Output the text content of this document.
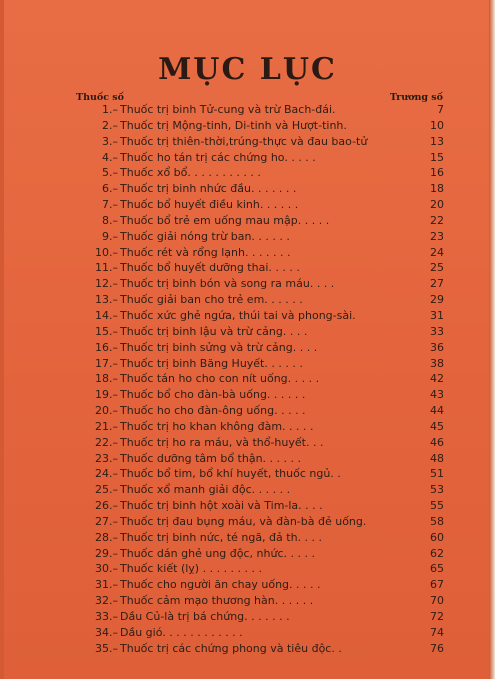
MỤC LỤC
Thuốc số	Trương số
1.– Thuốc trị binh Tử-cung và trừ Bach-đái.	7
2.– Thuốc trị Mộng-tinh, Di-tinh và Hượt-tinh.	10
3.– Thuốc trị thiên-thời,trúng-thực và đau bao-tử	13
4.– Thuốc ho tán trị các chứng ho. . . . .	15
5.– Thuốc xổ bổ. . . . . . . . . . .	16
6.– Thuốc trị binh nhức đầu. . . . . . .	18
7.– Thuốc bổ huyết điều kinh. . . . . .	20
8.– Thuốc bổ trẻ em uống mau mập. . . . .	22
9.– Thuốc giải nóng trừ ban. . . . . .	23
10.– Thuốc rét và rổng lạnh. . . . . . .	24
11.– Thuốc bổ huyết dưỡng thai. . . . .	25
12.– Thuốc trị binh bón và song ra máu. . . .	27
13.– Thuốc giải ban cho trẻ em. . . . . .	29
14.– Thuốc xức ghẻ ngứa, thúi tai và phong-sài.	31
15.– Thuốc trị binh lậu và trừ cảng. . . .	33
16.– Thuốc trị binh sửng và trừ cảng. . . .	36
17.– Thuốc trị binh Băng Huyết. . . . . .	38
18.– Thuốc tán ho cho con nít uống. . . . .	42
19.– Thuốc bổ cho đàn-bà uống. . . . . .	43
20.– Thuốc ho cho đàn-ông uống. . . . .	44
21.– Thuốc trị ho khan không đàm. . . . .	45
22.– Thuốc trị ho ra máu, và thổ-huyết. . .	46
23.– Thuốc dưỡng tâm bổ thận. . . . . .	48
24.– Thuốc bổ tim, bổ khí huyết, thuốc ngủ. .	51
25.– Thuốc xổ manh giải độc. . . . . .	53
26.– Thuốc trị binh hột xoài và Tim-la. . . .	55
27.– Thuốc trị đau bụng máu, và đàn-bà đẻ uống.	58
28.– Thuốc trị binh nức, té ngã, đả th. . . .	60
29.– Thuốc dán ghẻ ung độc, nhức. . . . .	62
30.– Thuốc kiết (lỵ) . . . . . . . . .	65
31.– Thuốc cho người ăn chay uống. . . . .	67
32.– Thuốc cảm mạo thương hàn. . . . . .	70
33.– Dầu Củ-là trị bá chứng. . . . . . .	72
34.– Dầu gió. . . . . . . . . . . .	74
35.– Thuốc trị các chứng phong và tiêu độc. .	76
